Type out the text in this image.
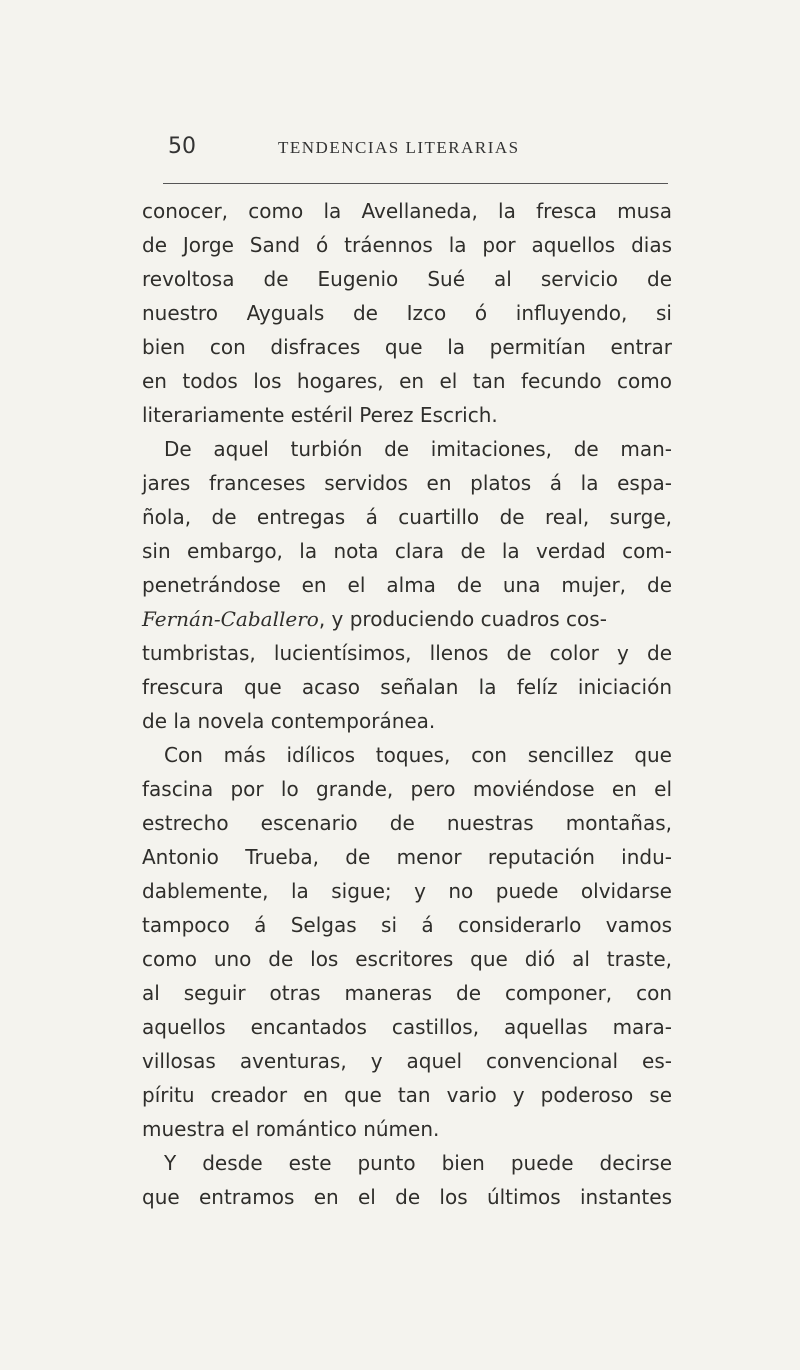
50	TENDENCIAS LITERARIAS
conocer, como la Avellaneda, la fresca musa
de Jorge Sand ó tráennos la por aquellos dias
revoltosa de Eugenio Sué al servicio de
nuestro Ayguals de Izco ó influyendo, si
bien con disfraces que la permitían entrar
en todos los hogares, en el tan fecundo como
literariamente estéril Perez Escrich.
De aquel turbión de imitaciones, de man-
jares franceses servidos en platos á la espa-
ñola, de entregas á cuartillo de real, surge,
sin embargo, la nota clara de la verdad com-
penetrándose en el alma de una mujer, de
Fernán-Caballero, y produciendo cuadros cos-
tumbristas, lucientísimos, llenos de color y de
frescura que acaso señalan la felíz iniciación
de la novela contemporánea.
Con más idílicos toques, con sencillez que
fascina por lo grande, pero moviéndose en el
estrecho escenario de nuestras montañas,
Antonio Trueba, de menor reputación indu-
dablemente, la sigue; y no puede olvidarse
tampoco á Selgas si á considerarlo vamos
como uno de los escritores que dió al traste,
al seguir otras maneras de componer, con
aquellos encantados castillos, aquellas mara-
villosas aventuras, y aquel convencional es-
píritu creador en que tan vario y poderoso se
muestra el romántico númen.
Y desde este punto bien puede decirse
que entramos en el de los últimos instantes
